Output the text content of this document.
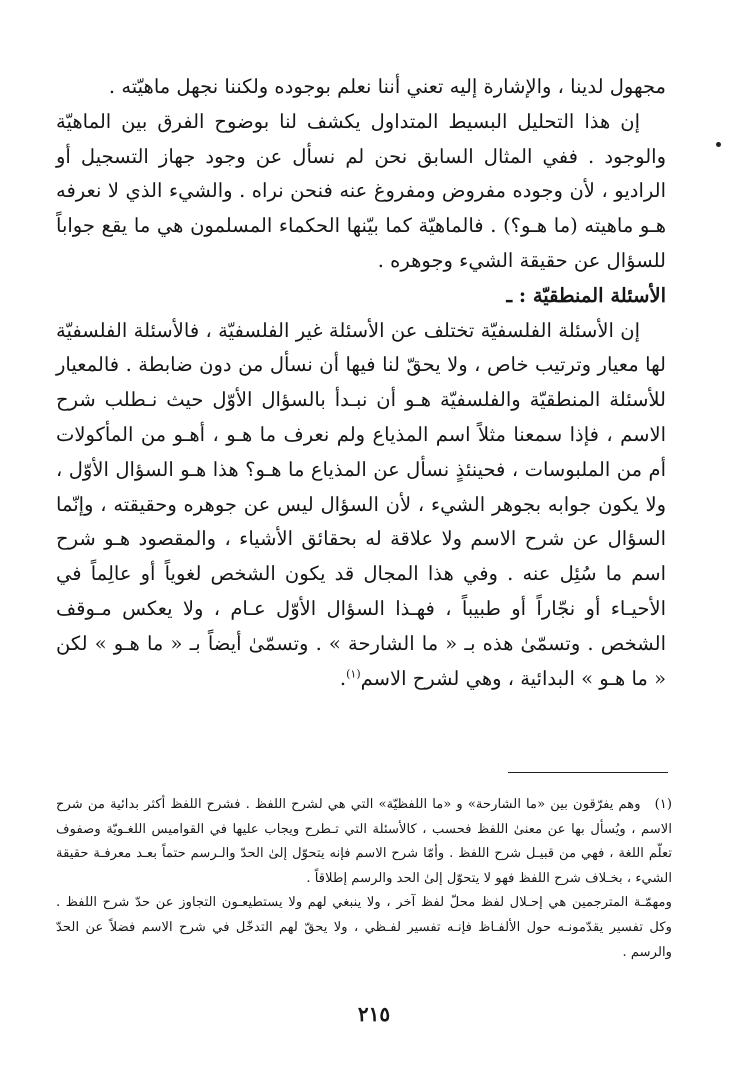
مجهول لدينا ، والإشارة إليه تعني أننا نعلم بوجوده ولكننا نجهل ماهيّته .

إن هذا التحليل البسيط المتداول يكشف لنا بوضوح الفرق بين الماهيّة والوجود . ففي المثال السابق نحن لم نسأل عن وجود جهاز التسجيل أو الراديو ، لأن وجوده مفروض ومفروغ عنه فنحن نراه . والشيء الذي لا نعرفه هـو ماهيته (ما هـو؟) . فالماهيّة كما بيّنها الحكماء المسلمون هي ما يقع جواباً للسؤال عن حقيقة الشيء وجوهره .

الأسئلة المنطقيّة : ـ

إن الأسئلة الفلسفيّة تختلف عن الأسئلة غير الفلسفيّة ، فالأسئلة الفلسفيّة لها معيار وترتيب خاص ، ولا يحقّ لنا فيها أن نسأل من دون ضابطة . فالمعيار للأسئلة المنطقيّة والفلسفيّة هـو أن نبـدأ بالسؤال الأوّل حيث نـطلب شرح الاسم ، فإذا سمعنا مثلاً اسم المذياع ولم نعرف ما هـو ، أهـو من المأكولات أم من الملبوسات ، فحينئذٍ نسأل عن المذياع ما هـو؟ هذا هـو السؤال الأوّل ، ولا يكون جوابه بجوهر الشيء ، لأن السؤال ليس عن جوهره وحقيقته ، وإنّما السؤال عن شرح الاسم ولا علاقة له بحقائق الأشياء ، والمقصود هـو شرح اسم ما سُئِل عنه . وفي هذا المجال قد يكون الشخص لغوياً أو عالِماً في الأحيـاء أو نجّاراً أو طبيباً ، فهـذا السؤال الأوّل عـام ، ولا يعكس مـوقف الشخص . وتسمّىٰ هذه بـ « ما الشارحة » . وتسمّىٰ أيضاً بـ « ما هـو » لكن « ما هـو » البدائية ، وهي لشرح الاسم$^{(١)}$.

(١)وهم يفرّقون بين «ما الشارحة» و «ما اللفظيّة» التي هي لشرح اللفظ . فشرح اللفظ أكثر بدائية من شرح الاسم ، ويُسأل بها عن معنىٰ اللفظ فحسب ، كالأسئلة التي تـطرح ويجاب عليها في القواميس اللغـويّة وصفوف تعلّم اللغة ، فهي من قبيـل شرح اللفظ . وأمّا شرح الاسم فإنه يتحوّل إلىٰ الحدّ والـرسم حتماً بعـد معرفـة حقيقة الشيء ، بخـلاف شرح اللفظ فهو لا يتحوّل إلىٰ الحد والرسم إطلاقاً .

ومهمّـة المترجمين هي إحـلال لفظ محلّ لفظ آخر ، ولا ينبغي لهم ولا يستطيعـون التجاوز عن حدّ شرح اللفظ . وكل تفسير يقدّمونـه حول الألفـاظ فإنـه تفسير لفـظي ، ولا يحقّ لهم التدخّل في شرح الاسم فضلاً عن الحدّ والرسم .

٢١٥
